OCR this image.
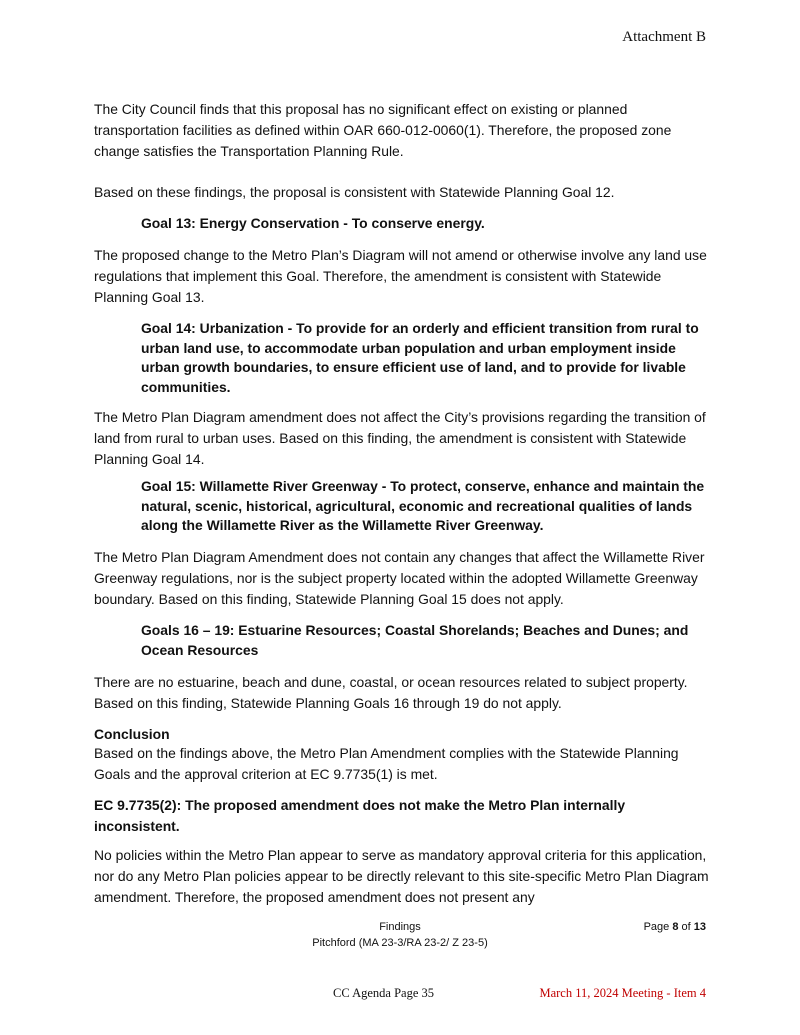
Attachment B

The City Council finds that this proposal has no significant effect on existing or planned transportation facilities as defined within OAR 660-012-0060(1). Therefore, the proposed zone change satisfies the Transportation Planning Rule.

Based on these findings, the proposal is consistent with Statewide Planning Goal 12.

Goal 13: Energy Conservation - To conserve energy.

The proposed change to the Metro Plan’s Diagram will not amend or otherwise involve any land use regulations that implement this Goal. Therefore, the amendment is consistent with Statewide Planning Goal 13.

Goal 14: Urbanization - To provide for an orderly and efficient transition from rural to urban land use, to accommodate urban population and urban employment inside urban growth boundaries, to ensure efficient use of land, and to provide for livable communities.

The Metro Plan Diagram amendment does not affect the City’s provisions regarding the transition of land from rural to urban uses. Based on this finding, the amendment is consistent with Statewide Planning Goal 14.

Goal 15: Willamette River Greenway - To protect, conserve, enhance and maintain the natural, scenic, historical, agricultural, economic and recreational qualities of lands along the Willamette River as the Willamette River Greenway.

The Metro Plan Diagram Amendment does not contain any changes that affect the Willamette River Greenway regulations, nor is the subject property located within the adopted Willamette Greenway boundary. Based on this finding, Statewide Planning Goal 15 does not apply.

Goals 16 – 19: Estuarine Resources; Coastal Shorelands; Beaches and Dunes; and Ocean Resources

There are no estuarine, beach and dune, coastal, or ocean resources related to subject property. Based on this finding, Statewide Planning Goals 16 through 19 do not apply.

Conclusion

Based on the findings above, the Metro Plan Amendment complies with the Statewide Planning Goals and the approval criterion at EC 9.7735(1) is met.

EC 9.7735(2): The proposed amendment does not make the Metro Plan internally inconsistent.

No policies within the Metro Plan appear to serve as mandatory approval criteria for this application, nor do any Metro Plan policies appear to be directly relevant to this site-specific Metro Plan Diagram amendment. Therefore, the proposed amendment does not present any

Findings
Pitchford (MA 23-3/RA 23-2/ Z 23-5)
Page 8 of 13
CC Agenda Page 35	March 11, 2024 Meeting - Item 4
